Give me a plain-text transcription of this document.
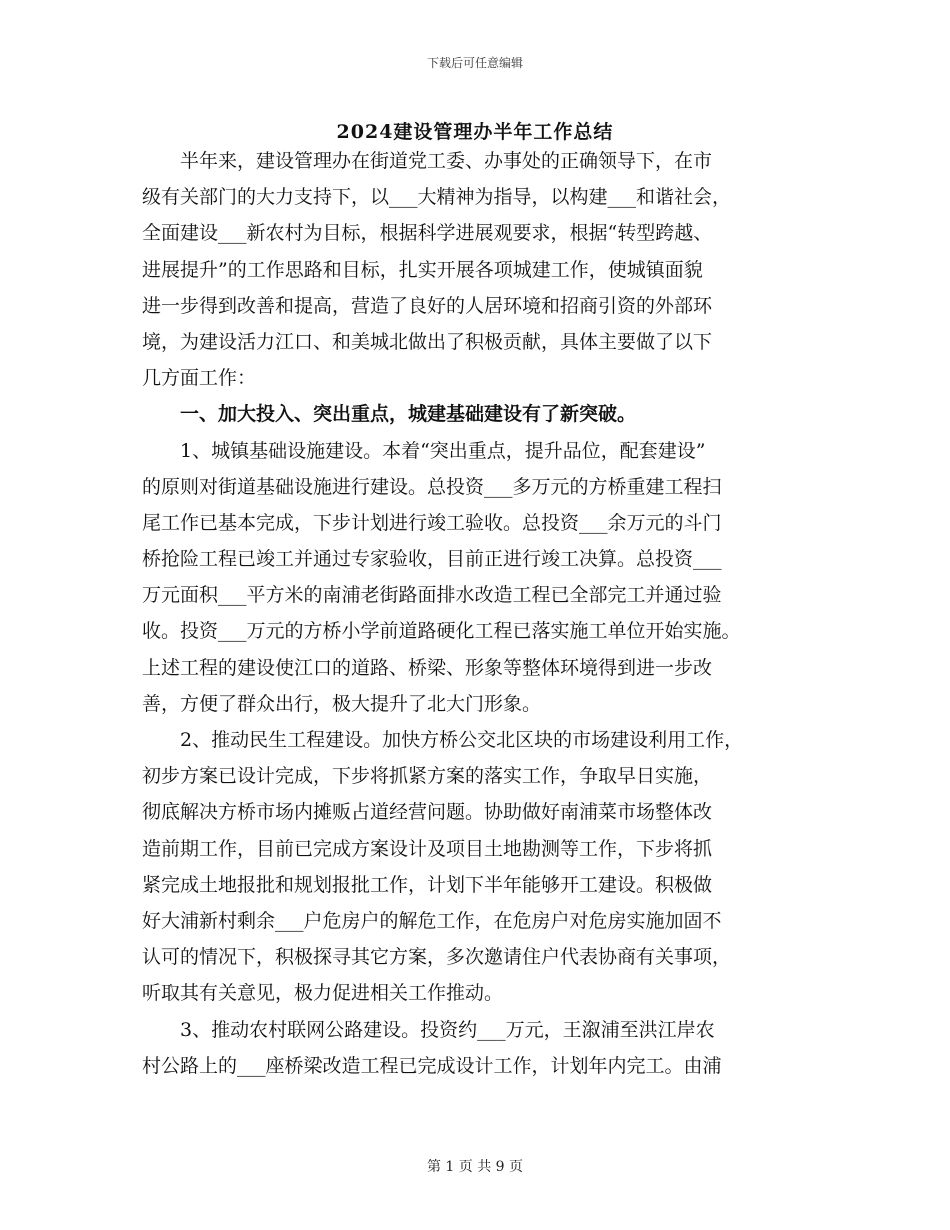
下载后可任意编辑
2024建设管理办半年工作总结
半年来，建设管理办在街道党工委、办事处的正确领导下，在市
级有关部门的大力支持下，以___大精神为指导，以构建___和谐社会，
全面建设___新农村为目标，根据科学进展观要求，根据“转型跨越、
进展提升”的工作思路和目标，扎实开展各项城建工作，使城镇面貌
进一步得到改善和提高，营造了良好的人居环境和招商引资的外部环
境，为建设活力江口、和美城北做出了积极贡献，具体主要做了以下
几方面工作：
一、加大投入、突出重点，城建基础建设有了新突破。
1、城镇基础设施建设。本着“突出重点，提升品位，配套建设”
的原则对街道基础设施进行建设。总投资___多万元的方桥重建工程扫
尾工作已基本完成，下步计划进行竣工验收。总投资___余万元的斗门
桥抢险工程已竣工并通过专家验收，目前正进行竣工决算。总投资___
万元面积___平方米的南浦老街路面排水改造工程已全部完工并通过验
收。投资___万元的方桥小学前道路硬化工程已落实施工单位开始实施。
上述工程的建设使江口的道路、桥梁、形象等整体环境得到进一步改
善，方便了群众出行，极大提升了北大门形象。
2、推动民生工程建设。加快方桥公交北区块的市场建设利用工作，
初步方案已设计完成，下步将抓紧方案的落实工作，争取早日实施，
彻底解决方桥市场内摊贩占道经营问题。协助做好南浦菜市场整体改
造前期工作，目前已完成方案设计及项目土地勘测等工作，下步将抓
紧完成土地报批和规划报批工作，计划下半年能够开工建设。积极做
好大浦新村剩余___户危房户的解危工作，在危房户对危房实施加固不
认可的情况下，积极探寻其它方案，多次邀请住户代表协商有关事项，
听取其有关意见，极力促进相关工作推动。
3、推动农村联网公路建设。投资约___万元，王溆浦至洪江岸农
村公路上的___座桥梁改造工程已完成设计工作，计划年内完工。由浦
第 1 页 共 9 页
